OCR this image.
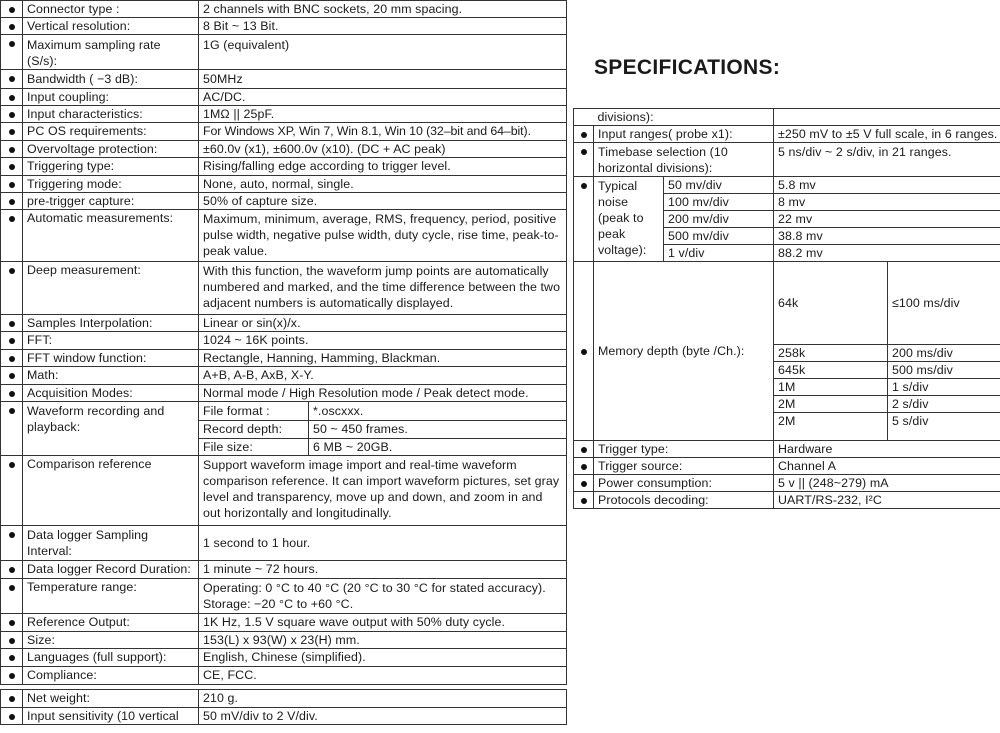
	Connector type :	2 channels with BNC sockets, 20 mm spacing.	
	Vertical resolution:	8 Bit ~ 13 Bit.	
	Maximum sampling rate (S/s):	1G (equivalent)	
	Bandwidth ( −3 dB):	50MHz	
	Input coupling:	AC/DC.	
	Input characteristics:	1MΩ || 25pF.	
	PC OS requirements:	For Windows XP, Win 7, Win 8.1, Win 10 (32–bit and 64–bit).	
	Overvoltage protection:	±60.0v (x1), ±600.0v (x10). (DC + AC peak)	
	Triggering type:	Rising/falling edge according to trigger level.	
	Triggering mode:	None, auto, normal, single.	
	pre-trigger capture:	50% of capture size.	
	Automatic measurements:	Maximum, minimum, average, RMS, frequency, period, positive pulse width, negative pulse width, duty cycle, rise time, peak-to-peak value.	
	Deep measurement:	With this function, the waveform jump points are automatically numbered and marked, and the time difference between the two adjacent numbers is automatically displayed.	
	Samples Interpolation:	Linear or sin(x)/x.	
	FFT:	1024 ~ 16K points.	
	FFT window function:	Rectangle, Hanning, Hamming, Blackman.	
	Math:	A+B, A-B, AxB, X-Y.	
	Acquisition Modes:	Normal mode / High Resolution mode / Peak detect mode.	
	Waveform recording and playback:	File format :	*.oscxxx.
		Record depth:	50 ~ 450 frames.
		File size:	6 MB ~ 20GB.
	Comparison reference	Support waveform image import and real-time waveform comparison reference. It can import waveform pictures, set gray level and transparency, move up and down, and zoom in and out horizontally and longitudinally.	
	Data logger Sampling Interval:	1 second to 1 hour.	
	Data logger Record Duration:	1 minute ~ 72 hours.	
	Temperature range:	Operating: 0 °C to 40 °C (20 °C to 30 °C for stated accuracy). Storage: −20 °C to +60 °C.	
	Reference Output:	1K Hz, 1.5 V square wave output with 50% duty cycle.	
	Size:	153(L) x 93(W) x 23(H) mm.	
	Languages (full support):	English, Chinese (simplified).	
	Compliance:	CE, FCC.	

	Net weight:	210 g.	
	Input sensitivity (10 vertical	50 mV/div to 2 V/div.	
SPECIFICATIONS:
	divisions):			
	Input ranges( probe x1):		±250 mV to ±5 V full scale, in 6 ranges.	
	Timebase selection (10 horizontal divisions):		5 ns/div ~ 2 s/div, in 21 ranges.	
	Typical noise (peak to peak voltage):	50 mv/div	5.8 mv	
		100 mv/div	8 mv	
		200 mv/div	22 mv	
		500 mv/div	38.8 mv	
		1 v/div	88.2 mv	
	Memory depth (byte /Ch.):		64k	≤100 ms/div
			258k	200 ms/div
			645k	500 ms/div
			1M	1 s/div
			2M	2 s/div
			2M	5 s/div
	Trigger type:		Hardware	
	Trigger source:		Channel A	
	Power consumption:		5 v || (248~279) mA	
	Protocols decoding:		UART/RS-232, I²C	
